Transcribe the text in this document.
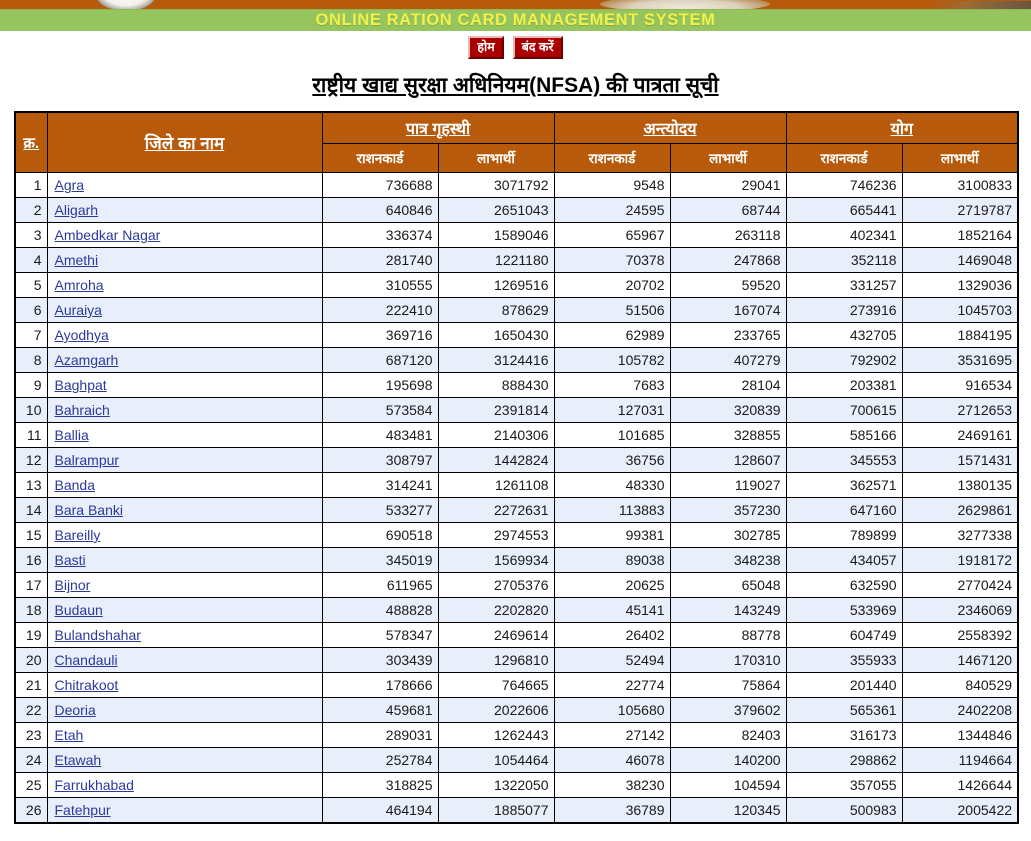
ONLINE RATION CARD MANAGEMENT SYSTEM
होम	बंद करें
राष्ट्रीय खाद्य सुरक्षा अधिनियम(NFSA) की पात्रता सूची
क्र.	जिले का नाम	पात्र गृहस्थी		अन्त्योदय		योग	
		राशनकार्ड	लाभार्थी	राशनकार्ड	लाभार्थी	राशनकार्ड	लाभार्थी
1	Agra	736688	3071792	9548	29041	746236	3100833
2	Aligarh	640846	2651043	24595	68744	665441	2719787
3	Ambedkar Nagar	336374	1589046	65967	263118	402341	1852164
4	Amethi	281740	1221180	70378	247868	352118	1469048
5	Amroha	310555	1269516	20702	59520	331257	1329036
6	Auraiya	222410	878629	51506	167074	273916	1045703
7	Ayodhya	369716	1650430	62989	233765	432705	1884195
8	Azamgarh	687120	3124416	105782	407279	792902	3531695
9	Baghpat	195698	888430	7683	28104	203381	916534
10	Bahraich	573584	2391814	127031	320839	700615	2712653
11	Ballia	483481	2140306	101685	328855	585166	2469161
12	Balrampur	308797	1442824	36756	128607	345553	1571431
13	Banda	314241	1261108	48330	119027	362571	1380135
14	Bara Banki	533277	2272631	113883	357230	647160	2629861
15	Bareilly	690518	2974553	99381	302785	789899	3277338
16	Basti	345019	1569934	89038	348238	434057	1918172
17	Bijnor	611965	2705376	20625	65048	632590	2770424
18	Budaun	488828	2202820	45141	143249	533969	2346069
19	Bulandshahar	578347	2469614	26402	88778	604749	2558392
20	Chandauli	303439	1296810	52494	170310	355933	1467120
21	Chitrakoot	178666	764665	22774	75864	201440	840529
22	Deoria	459681	2022606	105680	379602	565361	2402208
23	Etah	289031	1262443	27142	82403	316173	1344846
24	Etawah	252784	1054464	46078	140200	298862	1194664
25	Farrukhabad	318825	1322050	38230	104594	357055	1426644
26	Fatehpur	464194	1885077	36789	120345	500983	2005422
